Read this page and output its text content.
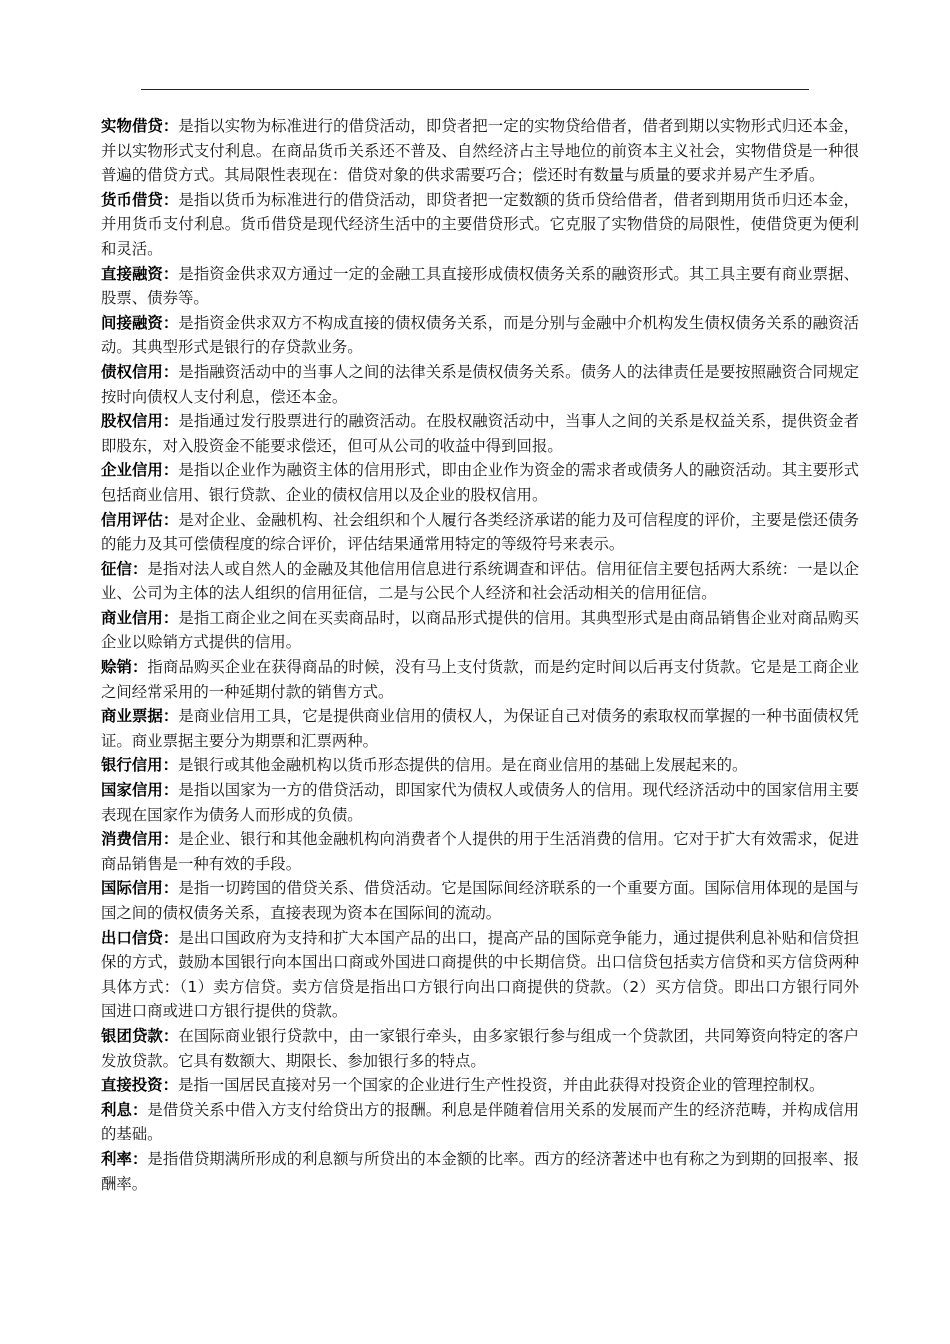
实物借贷：是指以实物为标准进行的借贷活动，即贷者把一定的实物贷给借者，借者到期以实物形式归还本金，并以实物形式支付利息。在商品货币关系还不普及、自然经济占主导地位的前资本主义社会，实物借贷是一种很普遍的借贷方式。其局限性表现在：借贷对象的供求需要巧合；偿还时有数量与质量的要求并易产生矛盾。

货币借贷：是指以货币为标准进行的借贷活动，即贷者把一定数额的货币贷给借者，借者到期用货币归还本金，并用货币支付利息。货币借贷是现代经济生活中的主要借贷形式。它克服了实物借贷的局限性，使借贷更为便利和灵活。

直接融资：是指资金供求双方通过一定的金融工具直接形成债权债务关系的融资形式。其工具主要有商业票据、股票、债券等。

间接融资：是指资金供求双方不构成直接的债权债务关系，而是分别与金融中介机构发生债权债务关系的融资活动。其典型形式是银行的存贷款业务。

债权信用：是指融资活动中的当事人之间的法律关系是债权债务关系。债务人的法律责任是要按照融资合同规定按时向债权人支付利息，偿还本金。

股权信用：是指通过发行股票进行的融资活动。在股权融资活动中，当事人之间的关系是权益关系，提供资金者即股东，对入股资金不能要求偿还，但可从公司的收益中得到回报。

企业信用：是指以企业作为融资主体的信用形式，即由企业作为资金的需求者或债务人的融资活动。其主要形式包括商业信用、银行贷款、企业的债权信用以及企业的股权信用。

信用评估：是对企业、金融机构、社会组织和个人履行各类经济承诺的能力及可信程度的评价，主要是偿还债务的能力及其可偿债程度的综合评价，评估结果通常用特定的等级符号来表示。

征信：是指对法人或自然人的金融及其他信用信息进行系统调查和评估。信用征信主要包括两大系统：一是以企业、公司为主体的法人组织的信用征信，二是与公民个人经济和社会活动相关的信用征信。

商业信用：是指工商企业之间在买卖商品时，以商品形式提供的信用。其典型形式是由商品销售企业对商品购买企业以赊销方式提供的信用。

赊销：指商品购买企业在获得商品的时候，没有马上支付货款，而是约定时间以后再支付货款。它是是工商企业之间经常采用的一种延期付款的销售方式。

商业票据：是商业信用工具，它是提供商业信用的债权人，为保证自己对债务的索取权而掌握的一种书面债权凭证。商业票据主要分为期票和汇票两种。

银行信用：是银行或其他金融机构以货币形态提供的信用。是在商业信用的基础上发展起来的。

国家信用：是指以国家为一方的借贷活动，即国家代为债权人或债务人的信用。现代经济活动中的国家信用主要表现在国家作为债务人而形成的负债。

消费信用：是企业、银行和其他金融机构向消费者个人提供的用于生活消费的信用。它对于扩大有效需求，促进商品销售是一种有效的手段。

国际信用：是指一切跨国的借贷关系、借贷活动。它是国际间经济联系的一个重要方面。国际信用体现的是国与国之间的债权债务关系，直接表现为资本在国际间的流动。

出口信贷：是出口国政府为支持和扩大本国产品的出口，提高产品的国际竞争能力，通过提供利息补贴和信贷担保的方式，鼓励本国银行向本国出口商或外国进口商提供的中长期信贷。出口信贷包括卖方信贷和买方信贷两种具体方式：（1）卖方信贷。卖方信贷是指出口方银行向出口商提供的贷款。（2）买方信贷。即出口方银行同外国进口商或进口方银行提供的贷款。

银团贷款：在国际商业银行贷款中，由一家银行牵头，由多家银行参与组成一个贷款团，共同筹资向特定的客户发放贷款。它具有数额大、期限长、参加银行多的特点。

直接投资：是指一国居民直接对另一个国家的企业进行生产性投资，并由此获得对投资企业的管理控制权。

利息：是借贷关系中借入方支付给贷出方的报酬。利息是伴随着信用关系的发展而产生的经济范畴，并构成信用的基础。

利率：是指借贷期满所形成的利息额与所贷出的本金额的比率。西方的经济著述中也有称之为到期的回报率、报酬率。
